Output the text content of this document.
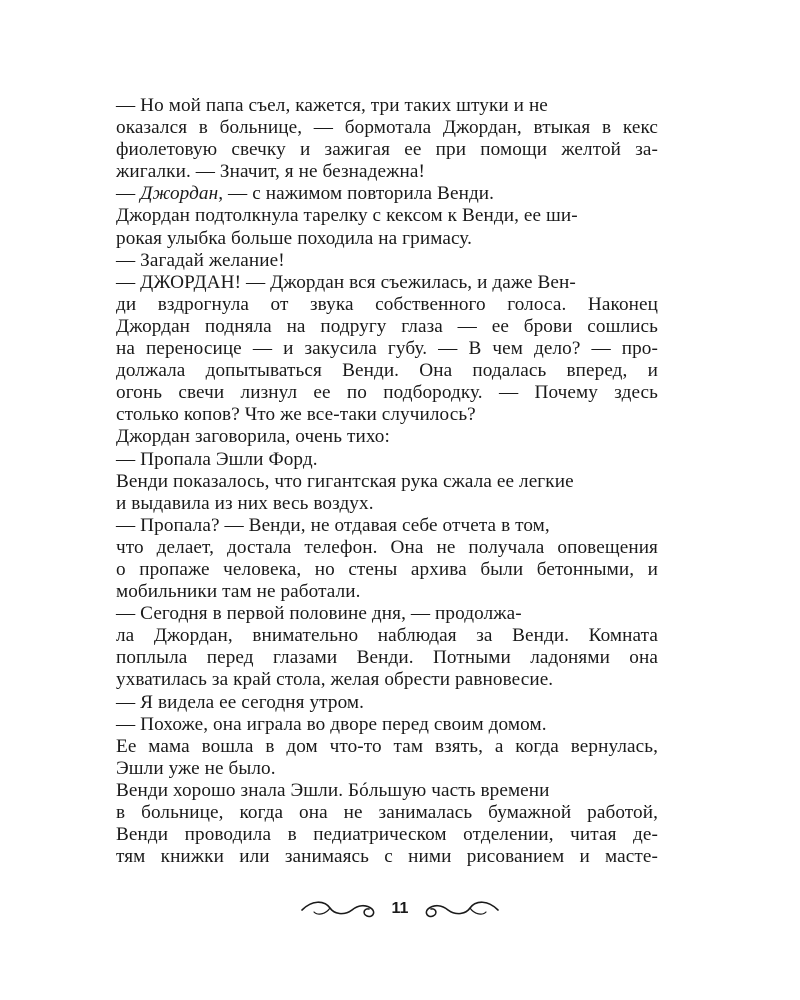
— Но мой папа съел, кажется, три таких штуки и не
оказался в больнице, — бормотала Джордан, втыкая в кекс
фиолетовую свечку и зажигая ее при помощи желтой за-
жигалки. — Значит, я не безнадежна!
— Джордан, — с нажимом повторила Венди.
Джордан подтолкнула тарелку с кексом к Венди, ее ши-
рокая улыбка больше походила на гримасу.
— Загадай желание!
— ДЖОРДАН! — Джордан вся съежилась, и даже Вен-
ди вздрогнула от звука собственного голоса. Наконец
Джордан подняла на подругу глаза — ее брови сошлись
на переносице — и закусила губу. — В чем дело? — про-
должала допытываться Венди. Она подалась вперед, и
огонь свечи лизнул ее по подбородку. — Почему здесь
столько копов? Что же все-таки случилось?
Джордан заговорила, очень тихо:
— Пропала Эшли Форд.
Венди показалось, что гигантская рука сжала ее легкие
и выдавила из них весь воздух.
— Пропала? — Венди, не отдавая себе отчета в том,
что делает, достала телефон. Она не получала оповещения
о пропаже человека, но стены архива были бетонными, и
мобильники там не работали.
— Сегодня в первой половине дня, — продолжа-
ла Джордан, внимательно наблюдая за Венди. Комната
поплыла перед глазами Венди. Потными ладонями она
ухватилась за край стола, желая обрести равновесие.
— Я видела ее сегодня утром.
— Похоже, она играла во дворе перед своим домом.
Ее мама вошла в дом что-то там взять, а когда вернулась,
Эшли уже не было.
Венди хорошо знала Эшли. Бóльшую часть времени
в больнице, когда она не занималась бумажной работой,
Венди проводила в педиатрическом отделении, читая де-
тям книжки или занимаясь с ними рисованием и масте-
11
